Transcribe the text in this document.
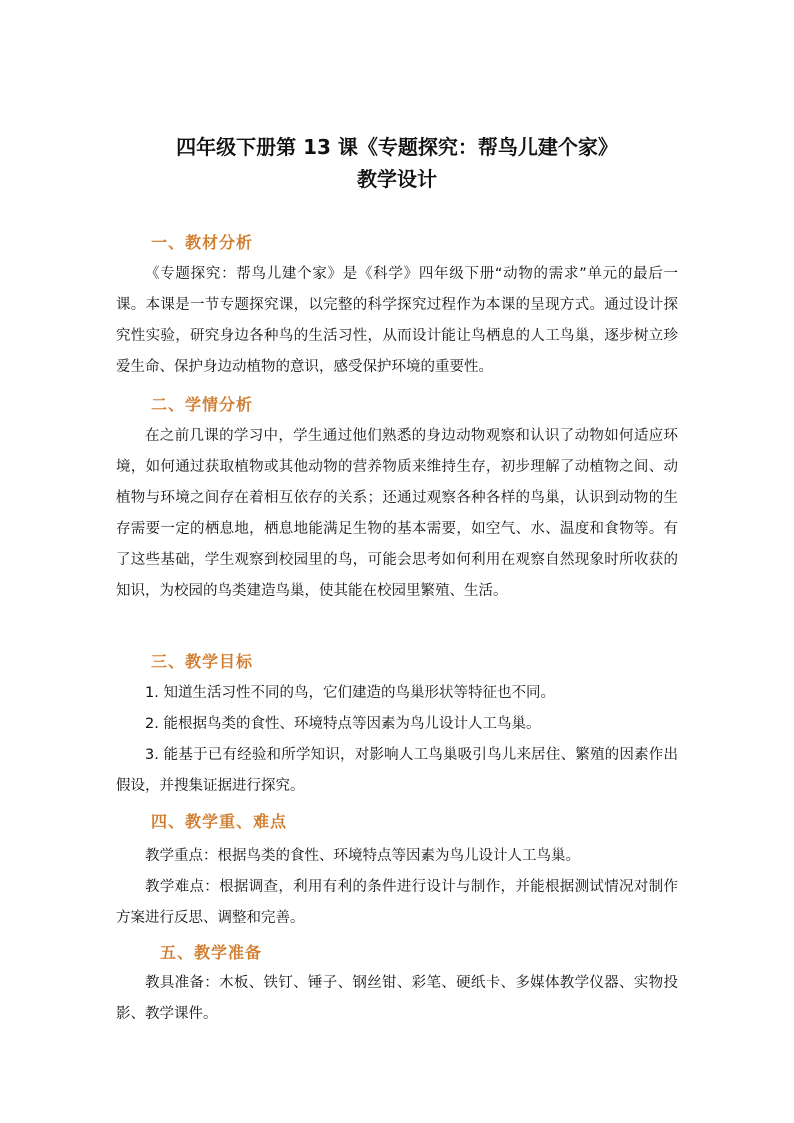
四年级下册第 13 课《专题探究：帮鸟儿建个家》
教学设计
一、教材分析
《专题探究：帮鸟儿建个家》是《科学》四年级下册“动物的需求”单元的最后一课。本课是一节专题探究课，以完整的科学探究过程作为本课的呈现方式。通过设计探究性实验，研究身边各种鸟的生活习性，从而设计能让鸟栖息的人工鸟巢，逐步树立珍爱生命、保护身边动植物的意识，感受保护环境的重要性。
二、学情分析
在之前几课的学习中，学生通过他们熟悉的身边动物观察和认识了动物如何适应环境，如何通过获取植物或其他动物的营养物质来维持生存，初步理解了动植物之间、动植物与环境之间存在着相互依存的关系；还通过观察各种各样的鸟巢，认识到动物的生存需要一定的栖息地，栖息地能满足生物的基本需要，如空气、水、温度和食物等。有了这些基础，学生观察到校园里的鸟，可能会思考如何利用在观察自然现象时所收获的知识，为校园的鸟类建造鸟巢，使其能在校园里繁殖、生活。
三、教学目标
1. 知道生活习性不同的鸟，它们建造的鸟巢形状等特征也不同。
2. 能根据鸟类的食性、环境特点等因素为鸟儿设计人工鸟巢。
3. 能基于已有经验和所学知识，对影响人工鸟巢吸引鸟儿来居住、繁殖的因素作出假设，并搜集证据进行探究。
四、教学重、难点
教学重点：根据鸟类的食性、环境特点等因素为鸟儿设计人工鸟巢。
教学难点：根据调查，利用有利的条件进行设计与制作，并能根据测试情况对制作方案进行反思、调整和完善。
五、教学准备
教具准备：木板、铁钉、锤子、钢丝钳、彩笔、硬纸卡、多媒体教学仪器、实物投影、教学课件。
